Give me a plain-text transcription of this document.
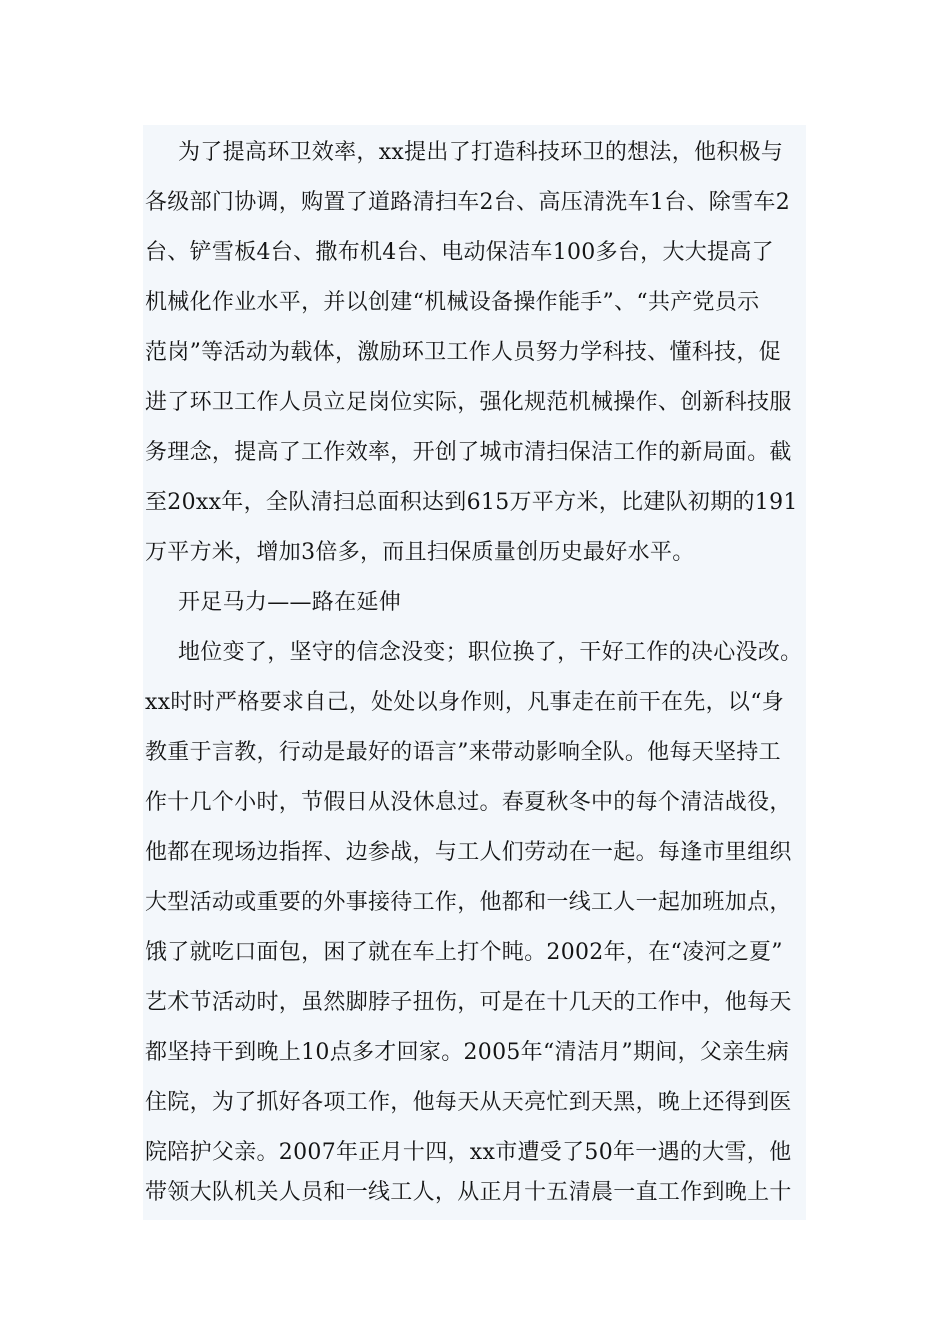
为了提高环卫效率，xx提出了打造科技环卫的想法，他积极与
各级部门协调，购置了道路清扫车2台、高压清洗车1台、除雪车2
台、铲雪板4台、撒布机4台、电动保洁车100多台，大大提高了
机械化作业水平，并以创建“机械设备操作能手”、“共产党员示
范岗”等活动为载体，激励环卫工作人员努力学科技、懂科技，促
进了环卫工作人员立足岗位实际，强化规范机械操作、创新科技服
务理念，提高了工作效率，开创了城市清扫保洁工作的新局面。截
至20xx年，全队清扫总面积达到615万平方米，比建队初期的191
万平方米，增加3倍多，而且扫保质量创历史最好水平。
开足马力——路在延伸
地位变了，坚守的信念没变；职位换了，干好工作的决心没改。
xx时时严格要求自己，处处以身作则，凡事走在前干在先，以“身
教重于言教，行动是最好的语言”来带动影响全队。他每天坚持工
作十几个小时，节假日从没休息过。春夏秋冬中的每个清洁战役，
他都在现场边指挥、边参战，与工人们劳动在一起。每逢市里组织
大型活动或重要的外事接待工作，他都和一线工人一起加班加点，
饿了就吃口面包，困了就在车上打个盹。2002年，在“凌河之夏”
艺术节活动时，虽然脚脖子扭伤，可是在十几天的工作中，他每天
都坚持干到晚上10点多才回家。2005年“清洁月”期间，父亲生病
住院，为了抓好各项工作，他每天从天亮忙到天黑，晚上还得到医
院陪护父亲。2007年正月十四，xx市遭受了50年一遇的大雪，他
带领大队机关人员和一线工人，从正月十五清晨一直工作到晚上十
